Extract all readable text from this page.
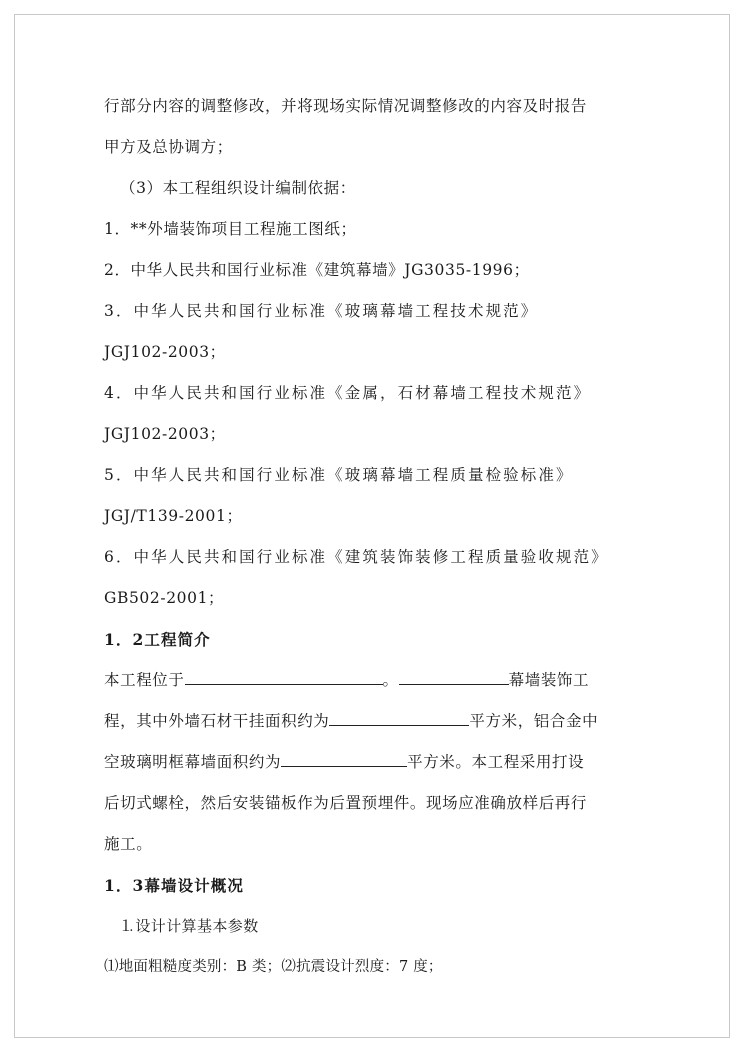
行部分内容的调整修改，并将现场实际情况调整修改的内容及时报告
甲方及总协调方；
（3）本工程组织设计编制依据：
1．**外墙装饰项目工程施工图纸；
2．中华人民共和国行业标准《建筑幕墙》JG3035-1996；
3．中华人民共和国行业标准《玻璃幕墙工程技术规范》
JGJ102-2003；
4．中华人民共和国行业标准《金属，石材幕墙工程技术规范》
JGJ102-2003；
5．中华人民共和国行业标准《玻璃幕墙工程质量检验标准》
JGJ/T139-2001；
6．中华人民共和国行业标准《建筑装饰装修工程质量验收规范》
GB502-2001；
1．2工程简介
本工程位于	。	幕墙装饰工
程，其中外墙石材干挂面积约为	平方米，铝合金中
空玻璃明框幕墙面积约为	平方米。本工程采用打设
后切式螺栓，然后安装锚板作为后置预埋件。现场应准确放样后再行
施工。
1．3幕墙设计概况
⒈设计计算基本参数
⑴地面粗糙度类别：B 类；⑵抗震设计烈度：7 度；
